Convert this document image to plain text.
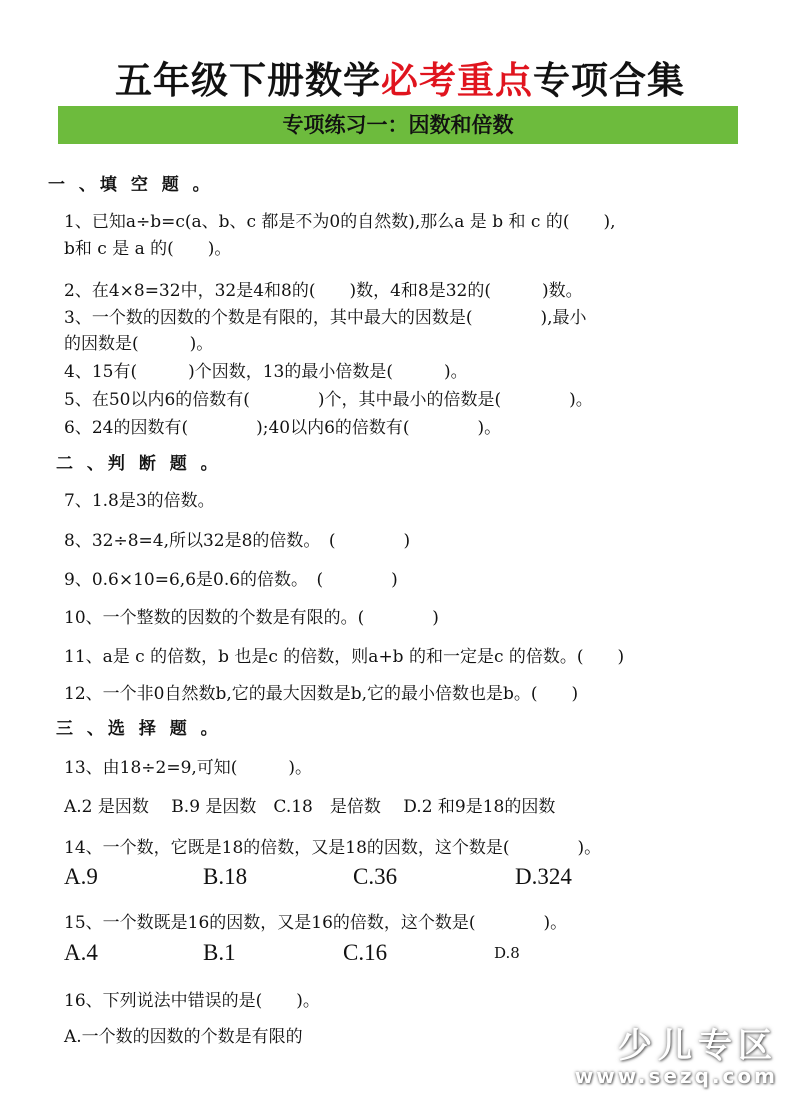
五年级下册数学必考重点专项合集
专项练习一：因数和倍数
一 、填 空 题 。
1、已知a÷b=c(a、b、c 都是不为0的自然数),那么a 是 b 和 c 的(　　),
b和 c 是 a 的(　　)。
2、在4×8=32中，32是4和8的(　　)数，4和8是32的(　　　)数。
3、一个数的因数的个数是有限的，其中最大的因数是(　　　　),最小
的因数是(　　　)。
4、15有(　　　)个因数，13的最小倍数是(　　　)。
5、在50以内6的倍数有(　　　　)个，其中最小的倍数是(　　　　)。
6、24的因数有(　　　　);40以内6的倍数有(　　　　)。
二 、判 断 题 。
7、1.8是3的倍数。
8、32÷8=4,所以32是8的倍数。　(　　　　)
9、0.6×10=6,6是0.6的倍数。　(　　　　)
10、一个整数的因数的个数是有限的。(　　　　)
11、a是 c 的倍数，b 也是c 的倍数，则a+b 的和一定是c 的倍数。(　　)
12、一个非0自然数b,它的最大因数是b,它的最小倍数也是b。(　　)
三 、选 择 题 。
13、由18÷2=9,可知(　　　)。
A.2 是因数　 B.9 是因数　C.18　是倍数　 D.2 和9是18的因数
14、一个数，它既是18的倍数，又是18的因数，这个数是(　　　　)。
A.9	B.18	C.36	D.324
15、一个数既是16的因数，又是16的倍数，这个数是(　　　　)。
A.4	B.1	C.16	D.8
16、下列说法中错误的是(　　)。
A.一个数的因数的个数是有限的	少儿专区
www.sezq.com
